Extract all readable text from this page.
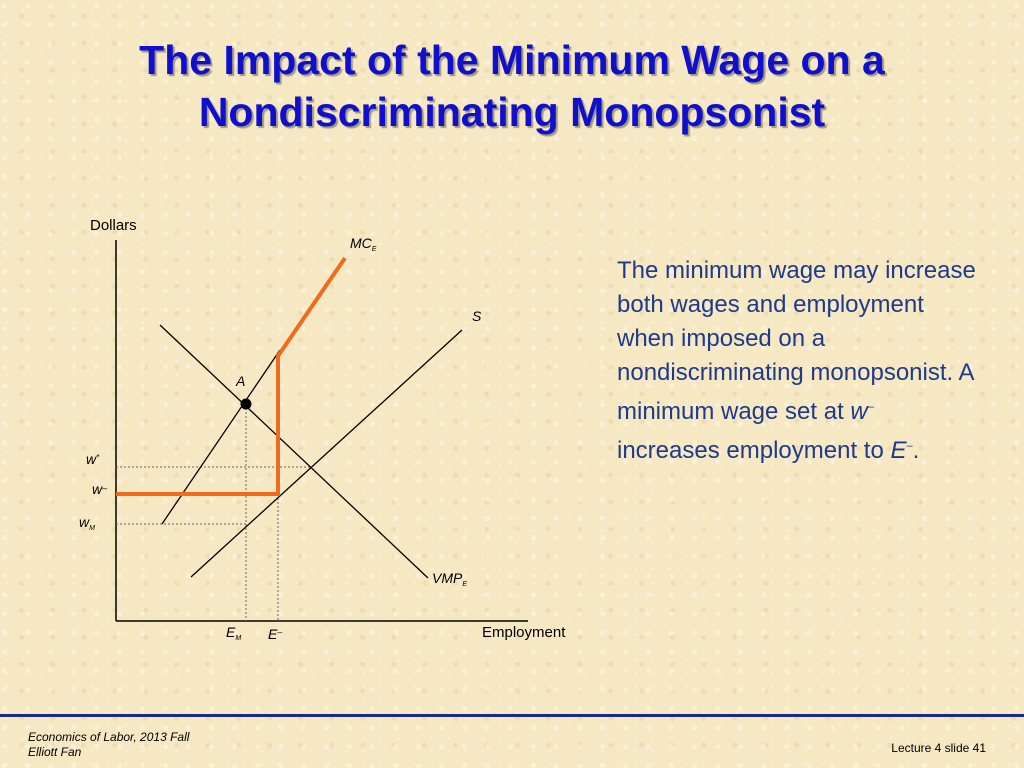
The Impact of the Minimum Wage on a
Nondiscriminating Monopsonist
Dollars
Employment
$MC_E$
S
$VMP_E$
A
w*
w–
$w_M$
$E_M$ E–
The minimum wage may increase both wages and employment when imposed on a nondiscriminating monopsonist. A minimum wage set at w– increases employment to E–.
Economics of Labor, 2013 Fall
Elliott Fan	Lecture 4 slide 41
